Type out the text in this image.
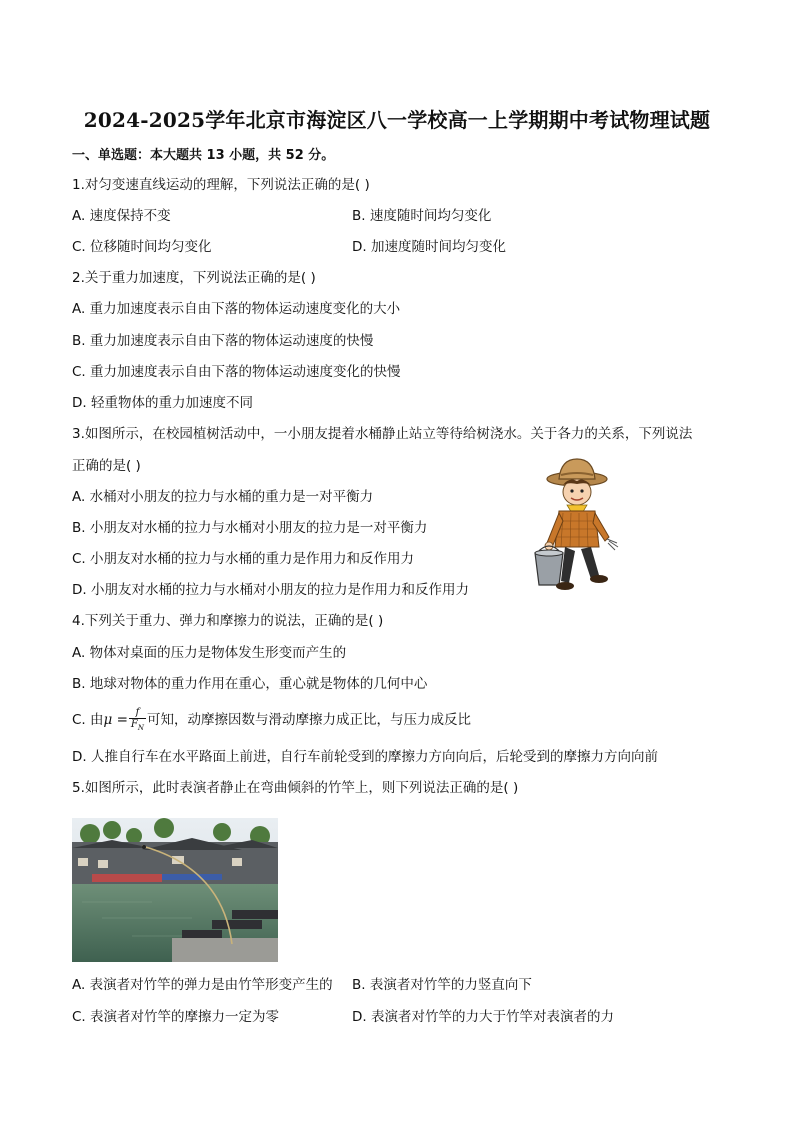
2024-2025学年北京市海淀区八一学校高一上学期期中考试物理试题
一、单选题：本大题共 13 小题，共 52 分。
1.对匀变速直线运动的理解，下列说法正确的是( )
A. 速度保持不变	B. 速度随时间均匀变化
C. 位移随时间均匀变化	D. 加速度随时间均匀变化
2.关于重力加速度，下列说法正确的是( )
A. 重力加速度表示自由下落的物体运动速度变化的大小
B. 重力加速度表示自由下落的物体运动速度的快慢
C. 重力加速度表示自由下落的物体运动速度变化的快慢
D. 轻重物体的重力加速度不同
3.如图所示，在校园植树活动中，一小朋友提着水桶静止站立等待给树浇水。关于各力的关系，下列说法
正确的是( )
A. 水桶对小朋友的拉力与水桶的重力是一对平衡力
B. 小朋友对水桶的拉力与水桶对小朋友的拉力是一对平衡力
C. 小朋友对水桶的拉力与水桶的重力是作用力和反作用力
D. 小朋友对水桶的拉力与水桶对小朋友的拉力是作用力和反作用力
4.下列关于重力、弹力和摩擦力的说法，正确的是( )
A. 物体对桌面的压力是物体发生形变而产生的
B. 地球对物体的重力作用在重心，重心就是物体的几何中心
C. 由$\mu = \frac{f}{F_N}$ 可知，动摩擦因数与滑动摩擦力成正比，与压力成反比
D. 人推自行车在水平路面上前进，自行车前轮受到的摩擦力方向向后，后轮受到的摩擦力方向向前
5.如图所示，此时表演者静止在弯曲倾斜的竹竿上，则下列说法正确的是( )
A. 表演者对竹竿的弹力是由竹竿形变产生的 B. 表演者对竹竿的力竖直向下
C. 表演者对竹竿的摩擦力一定为零	D. 表演者对竹竿的力大于竹竿对表演者的力
